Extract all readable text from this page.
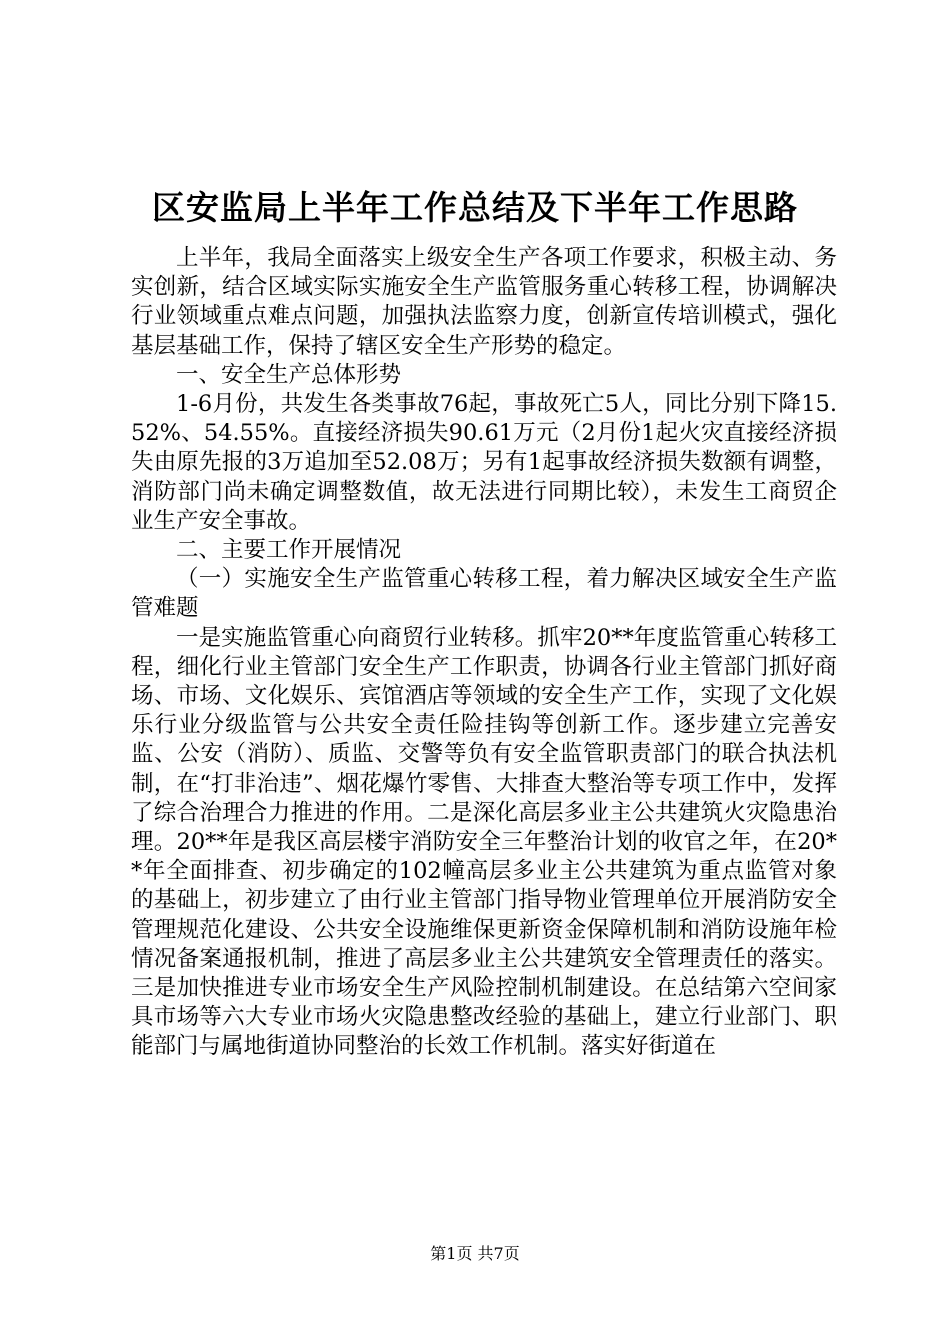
区安监局上半年工作总结及下半年工作思路

上半年，我局全面落实上级安全生产各项工作要求，积极主动、务实创新，结合区域实际实施安全生产监管服务重心转移工程，协调解决行业领域重点难点问题，加强执法监察力度，创新宣传培训模式，强化基层基础工作，保持了辖区安全生产形势的稳定。

一、安全生产总体形势

1-6月份，共发生各类事故76起，事故死亡5人，同比分别下降15.52%、54.55%。直接经济损失90.61万元（2月份1起火灾直接经济损失由原先报的3万追加至52.08万；另有1起事故经济损失数额有调整，消防部门尚未确定调整数值，故无法进行同期比较），未发生工商贸企业生产安全事故。

二、主要工作开展情况

（一）实施安全生产监管重心转移工程，着力解决区域安全生产监管难题

一是实施监管重心向商贸行业转移。抓牢20**年度监管重心转移工程，细化行业主管部门安全生产工作职责，协调各行业主管部门抓好商场、市场、文化娱乐、宾馆酒店等领域的安全生产工作，实现了文化娱乐行业分级监管与公共安全责任险挂钩等创新工作。逐步建立完善安监、公安（消防）、质监、交警等负有安全监管职责部门的联合执法机制，在“打非治违”、烟花爆竹零售、大排查大整治等专项工作中，发挥了综合治理合力推进的作用。二是深化高层多业主公共建筑火灾隐患治理。20**年是我区高层楼宇消防安全三年整治计划的收官之年，在20**年全面排查、初步确定的102幢高层多业主公共建筑为重点监管对象的基础上，初步建立了由行业主管部门指导物业管理单位开展消防安全管理规范化建设、公共安全设施维保更新资金保障机制和消防设施年检情况备案通报机制，推进了高层多业主公共建筑安全管理责任的落实。三是加快推进专业市场安全生产风险控制机制建设。在总结第六空间家具市场等六大专业市场火灾隐患整改经验的基础上，建立行业部门、职能部门与属地街道协同整治的长效工作机制。落实好街道在

第1页 共7页
